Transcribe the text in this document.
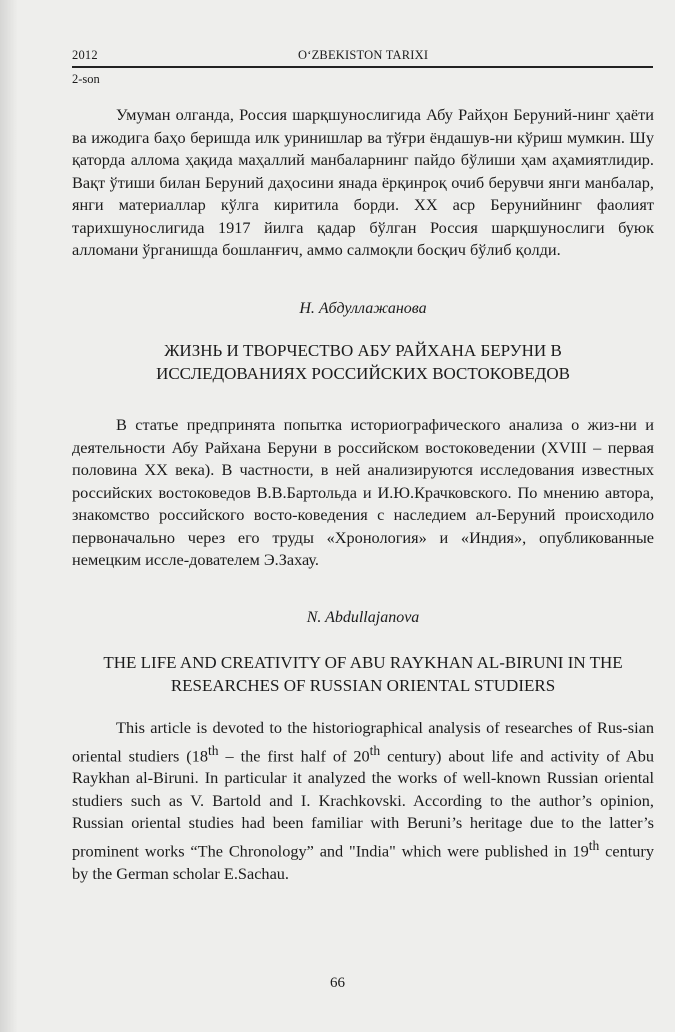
2012	O‘ZBEKISTON TARIXI
2-son

Умуман олганда, Россия шарқшунослигида Абу Райҳон Беруний-нинг ҳаёти ва ижодига баҳо беришда илк уринишлар ва тўғри ёндашув-ни кўриш мумкин. Шу қаторда аллома ҳақида маҳаллий манбаларнинг пайдо бўлиши ҳам аҳамиятлидир. Вақт ўтиши билан Беруний даҳосини янада ёрқинроқ очиб берувчи янги манбалар, янги материаллар кўлга киритила борди. XX аср Берунийнинг фаолият тарихшунослигида 1917 йилга қадар бўлган Россия шарқшунослиги буюк алломани ўрганишда бошланғич, аммо салмоқли босқич бўлиб қолди.

Н. Абдуллажанова
ЖИЗНЬ И ТВОРЧЕСТВО АБУ РАЙХАНА БЕРУНИ В
ИССЛЕДОВАНИЯХ РОССИЙСКИХ ВОСТОКОВЕДОВ

В статье предпринята попытка историографического анализа о жиз-ни и деятельности Абу Райхана Беруни в российском востоковедении (XVIII – первая половина XX века). В частности, в ней анализируются исследования известных российских востоковедов В.В.Бартольда и И.Ю.Крачковского. По мнению автора, знакомство российского восто-коведения с наследием ал-Беруний происходило первоначально через его труды «Хронология» и «Индия», опубликованные немецким иссле-дователем Э.Захау.

N. Abdullajanova
THE LIFE AND CREATIVITY OF ABU RAYKHAN AL-BIRUNI IN THE
RESEARCHES OF RUSSIAN ORIENTAL STUDIERS

This article is devoted to the historiographical analysis of researches of Rus-sian oriental studiers (18th – the first half of 20th century) about life and activity of Abu Raykhan al-Biruni. In particular it analyzed the works of well-known Russian oriental studiers such as V. Bartold and I. Krachkovski. According to the author’s opinion, Russian oriental studies had been familiar with Beruni’s heritage due to the latter’s prominent works “The Chronology” and "India" which were published in 19th century by the German scholar E.Sachau.

66
